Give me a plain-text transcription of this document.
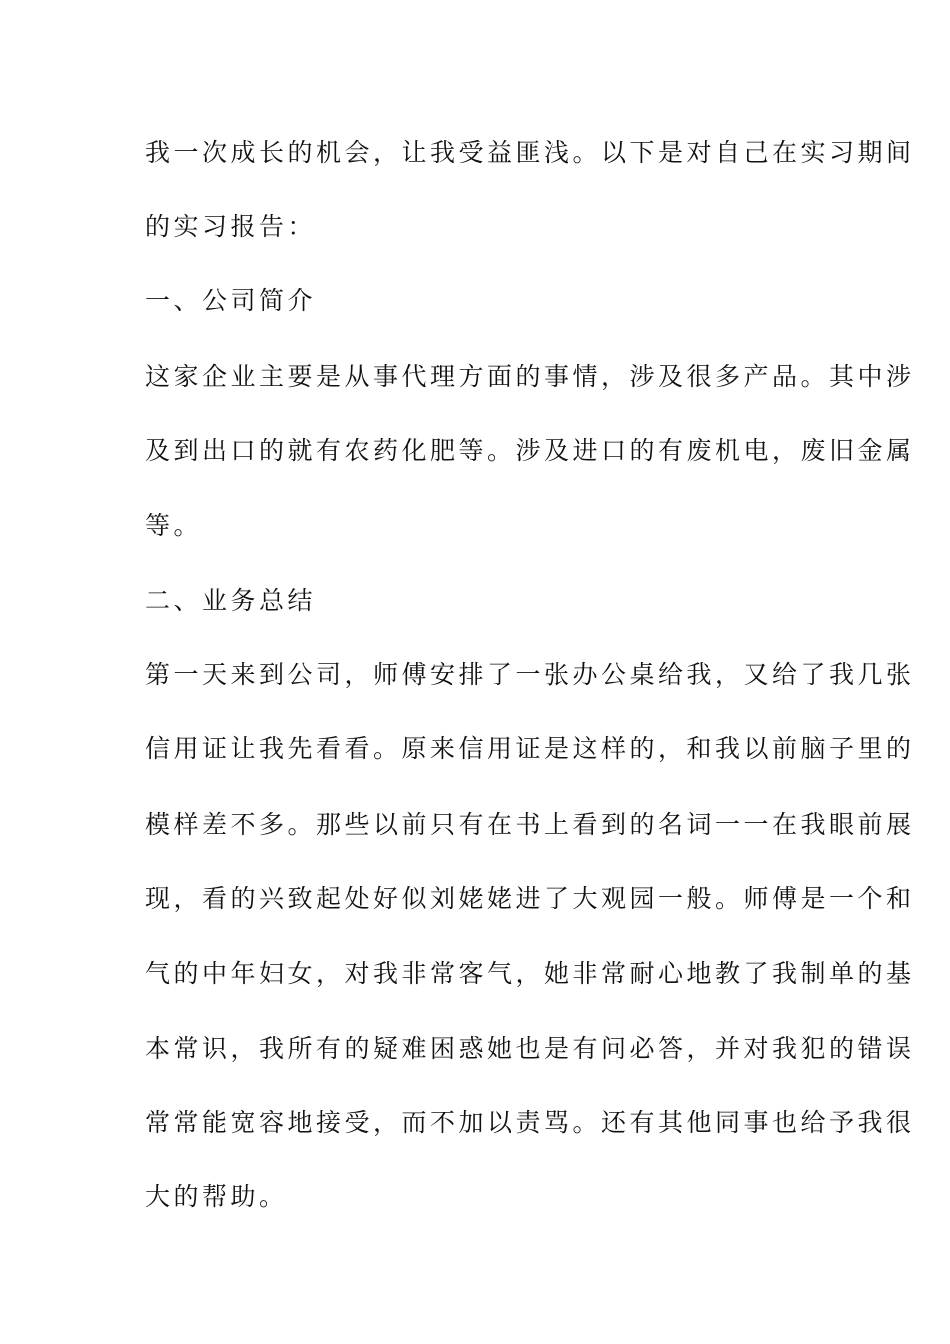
我一次成长的机会，让我受益匪浅。以下是对自己在实习期间
的实习报告：
一、公司简介
这家企业主要是从事代理方面的事情，涉及很多产品。其中涉
及到出口的就有农药化肥等。涉及进口的有废机电，废旧金属
等。
二、业务总结
第一天来到公司，师傅安排了一张办公桌给我，又给了我几张
信用证让我先看看。原来信用证是这样的，和我以前脑子里的
模样差不多。那些以前只有在书上看到的名词一一在我眼前展
现，看的兴致起处好似刘姥姥进了大观园一般。师傅是一个和
气的中年妇女，对我非常客气，她非常耐心地教了我制单的基
本常识，我所有的疑难困惑她也是有问必答，并对我犯的错误
常常能宽容地接受，而不加以责骂。还有其他同事也给予我很
大的帮助。
